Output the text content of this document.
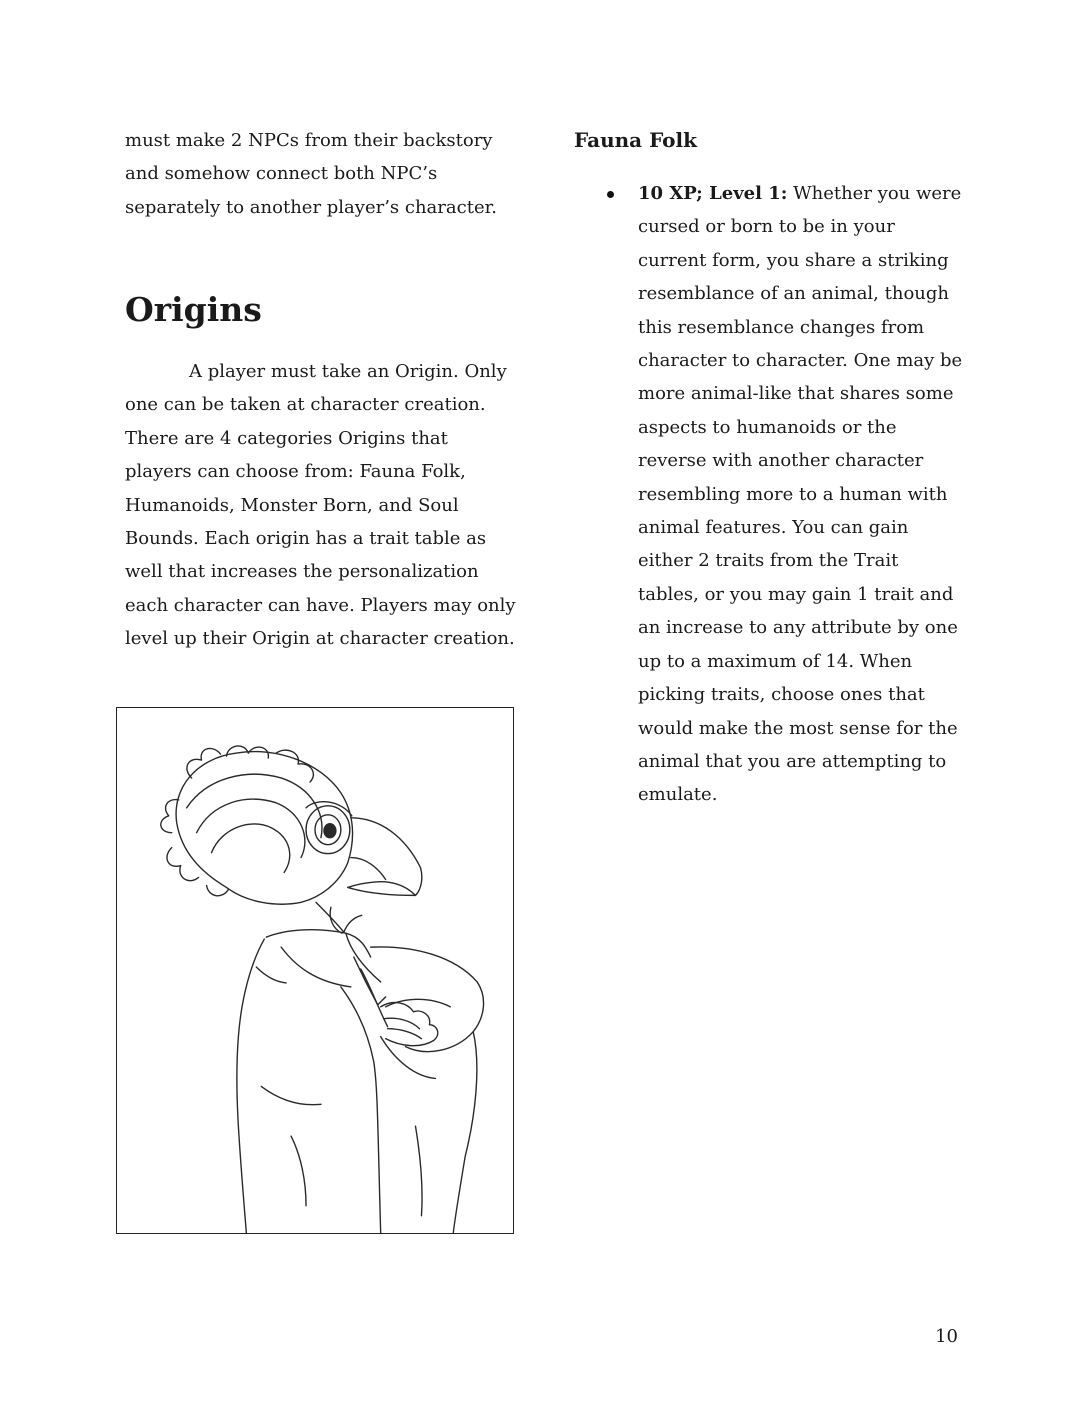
must make 2 NPCs from their backstory and somehow connect both NPC’s separately to another player’s character.

Origins

A player must take an Origin. Only one can be taken at character creation. There are 4 categories Origins that players can choose from: Fauna Folk, Humanoids, Monster Born, and Soul Bounds. Each origin has a trait table as well that increases the personalization each character can have. Players may only level up their Origin at character creation.

Fauna Folk
10 XP; Level 1: Whether you were cursed or born to be in your current form, you share a striking resemblance of an animal, though this resemblance changes from character to character. One may be more animal-like that shares some aspects to humanoids or the reverse with another character resembling more to a human with animal features. You can gain either 2 traits from the Trait tables, or you may gain 1 trait and an increase to any attribute by one up to a maximum of 14. When picking traits, choose ones that would make the most sense for the animal that you are attempting to emulate.
10
